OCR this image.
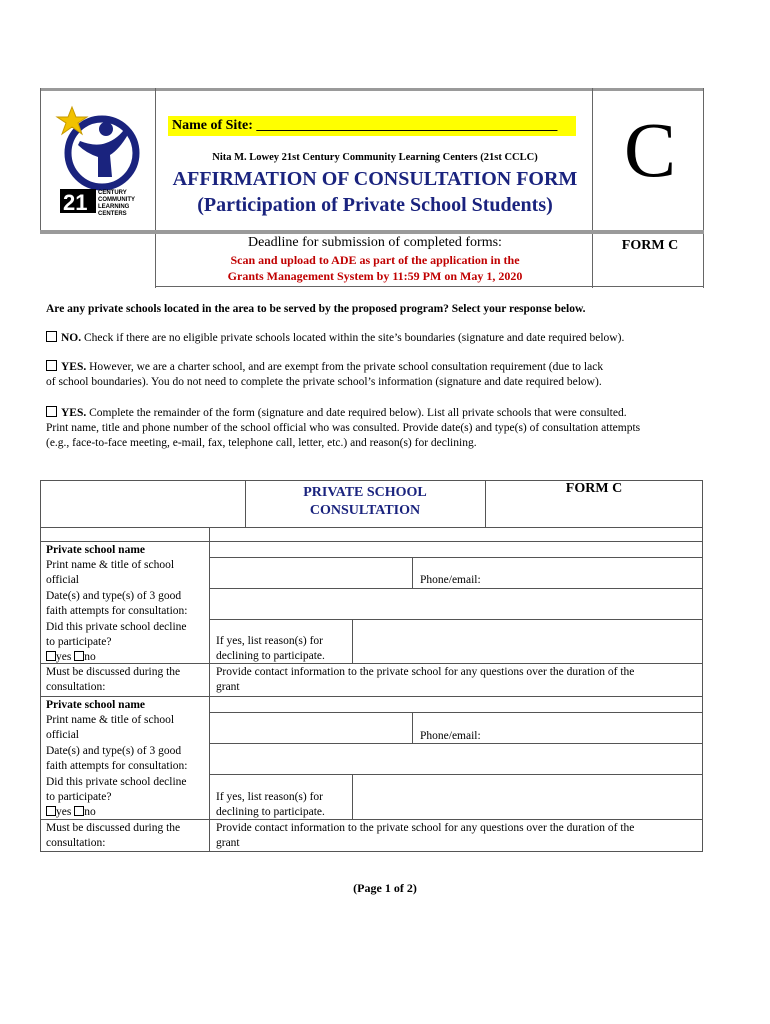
21 CENTURY
COMMUNITY
LEARNING
CENTERS
Name of Site: ___________________________________________
Nita M. Lowey 21st Century Community Learning Centers (21st CCLC)
AFFIRMATION OF CONSULTATION FORM
(Participation of Private School Students)
C
Deadline for submission of completed forms:
Scan and upload to ADE as part of the application in the
Grants Management System by 11:59 PM on May 1, 2020
FORM C
Are any private schools located in the area to be served by the proposed program? Select your response below.
NO. Check if there are no eligible private schools located within the site’s boundaries (signature and date required below).
YES. However, we are a charter school, and are exempt from the private school consultation requirement (due to lack
of school boundaries). You do not need to complete the private school’s information (signature and date required below).
YES. Complete the remainder of the form (signature and date required below). List all private schools that were consulted.
Print name, title and phone number of the school official who was consulted. Provide date(s) and type(s) of consultation attempts
(e.g., face-to-face meeting, e-mail, fax, telephone call, letter, etc.) and reason(s) for declining.
PRIVATE SCHOOL
CONSULTATION
FORM C
Private school name
Print name & title of school
official	Phone/email:
Date(s) and type(s) of 3 good
faith attempts for consultation:
Did this private school decline
to participate?
yes no
If yes, list reason(s) for
declining to participate.
Must be discussed during the
consultation:
Provide contact information to the private school for any questions over the duration of the
grant
Private school name
Print name & title of school
official	Phone/email:
Date(s) and type(s) of 3 good
faith attempts for consultation:
Did this private school decline
to participate?
yes no
If yes, list reason(s) for
declining to participate.
Must be discussed during the
consultation:
Provide contact information to the private school for any questions over the duration of the
grant
(Page 1 of 2)
